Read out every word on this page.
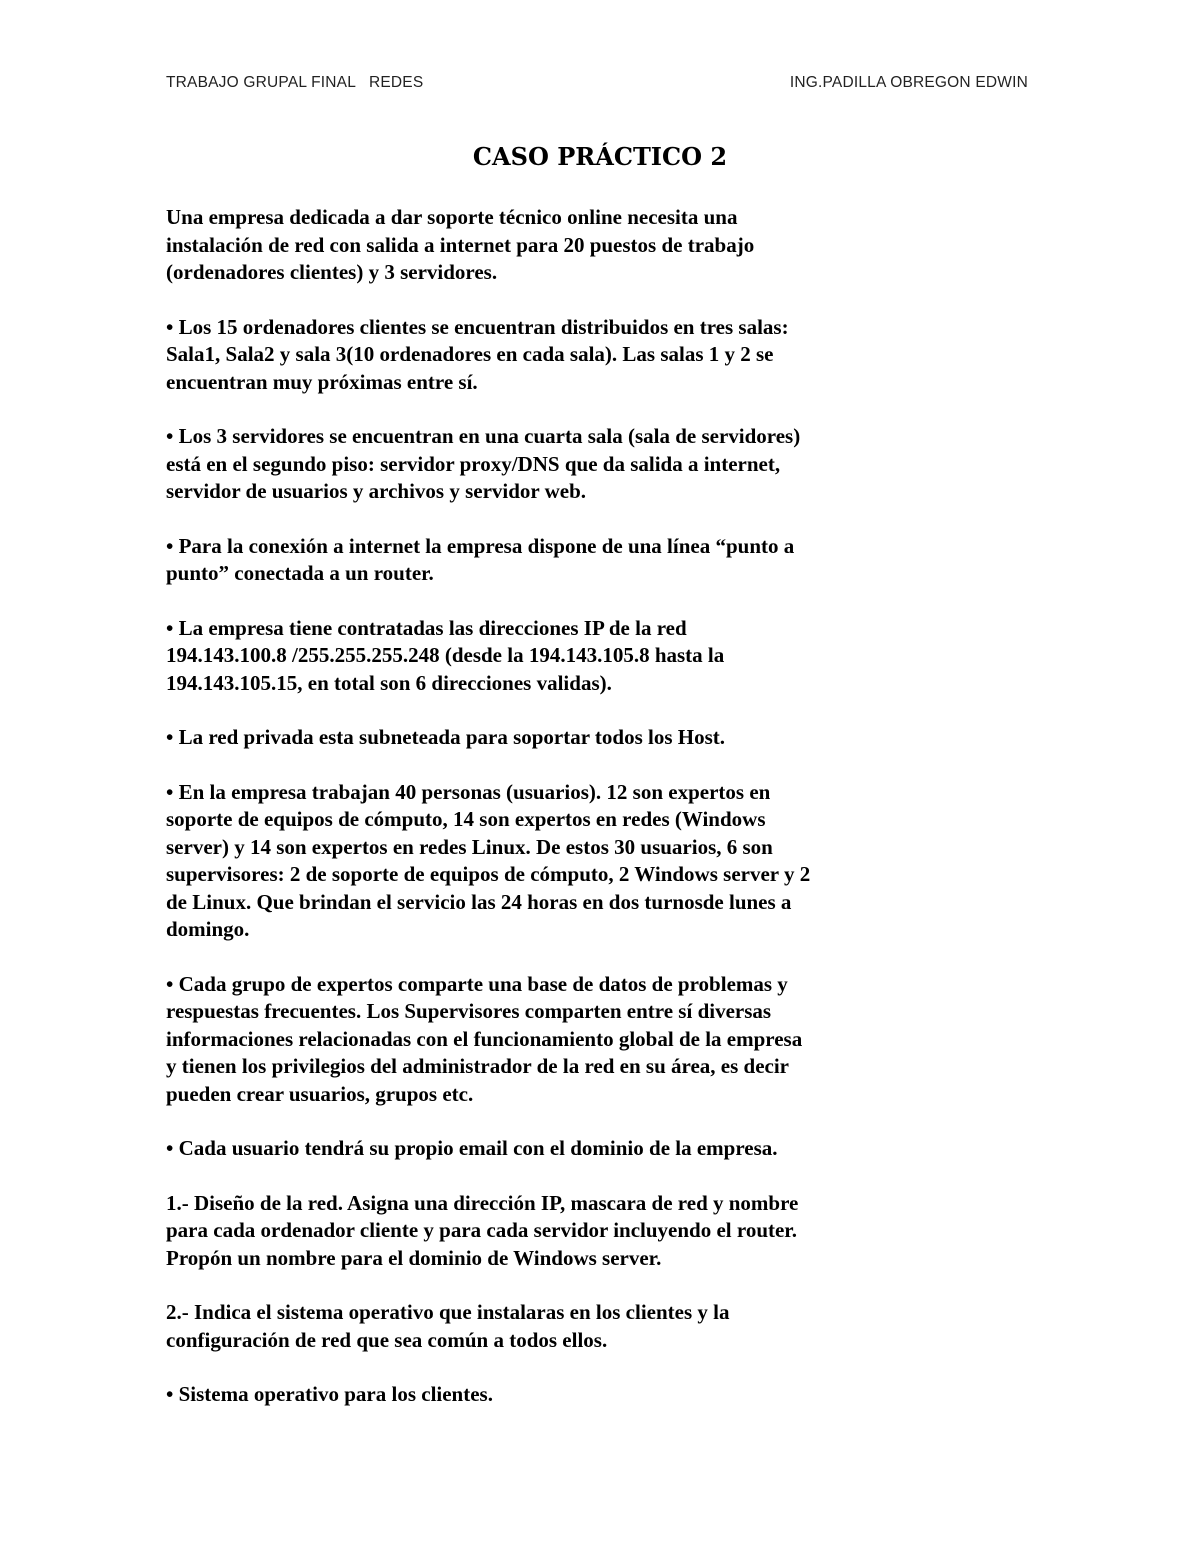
TRABAJO GRUPAL FINAL   REDES

	ING.PADILLA OBREGON EDWIN

CASO PRÁCTICO 2

Una empresa dedicada a dar soporte técnico online necesita una
instalación de red con salida a internet para 20 puestos de trabajo
(ordenadores clientes) y 3 servidores.

• Los 15 ordenadores clientes se encuentran distribuidos en tres salas:
Sala1, Sala2 y sala 3(10 ordenadores en cada sala). Las salas 1 y 2 se
encuentran muy próximas entre sí.

• Los 3 servidores se encuentran en una cuarta sala (sala de servidores)
está en el segundo piso: servidor proxy/DNS que da salida a internet,
servidor de usuarios y archivos y servidor web.

• Para la conexión a internet la empresa dispone de una línea “punto a
punto” conectada a un router.

• La empresa tiene contratadas las direcciones IP de la red
194.143.100.8 /255.255.255.248 (desde la 194.143.105.8 hasta la
194.143.105.15, en total son 6 direcciones validas).

• La red privada esta subneteada para soportar todos los Host.

• En la empresa trabajan 40 personas (usuarios). 12 son expertos en
soporte de equipos de cómputo, 14 son expertos en redes (Windows
server) y 14 son expertos en redes Linux. De estos 30 usuarios, 6 son
supervisores: 2 de soporte de equipos de cómputo, 2 Windows server y 2
de Linux. Que brindan el servicio las 24 horas en dos turnosde lunes a
domingo.

• Cada grupo de expertos comparte una base de datos de problemas y
respuestas frecuentes. Los Supervisores comparten entre sí diversas
informaciones relacionadas con el funcionamiento global de la empresa
y tienen los privilegios del administrador de la red en su área, es decir
pueden crear usuarios, grupos etc.

• Cada usuario tendrá su propio email con el dominio de la empresa.

1.- Diseño de la red. Asigna una dirección IP, mascara de red y nombre
para cada ordenador cliente y para cada servidor incluyendo el router.
Propón un nombre para el dominio de Windows server.

2.- Indica el sistema operativo que instalaras en los clientes y la
configuración de red que sea común a todos ellos.

• Sistema operativo para los clientes.
